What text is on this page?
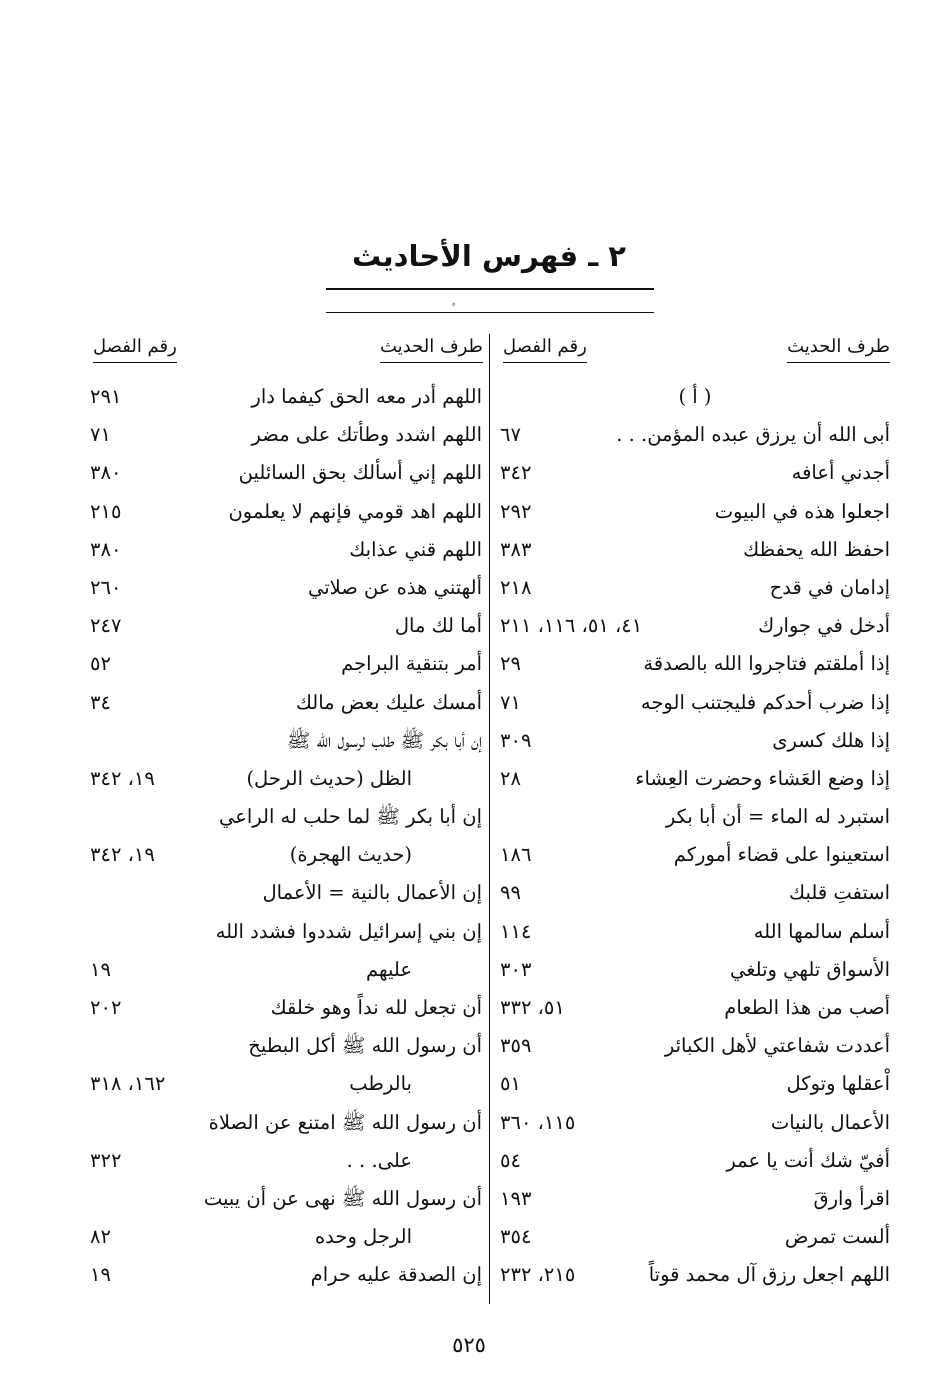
٢ ـ فهرس الأحاديث
⸗
طرف الحديث
رقم الفصل
طرف الحديث
رقم الفصل
( أ )
أبى الله أن يرزق عبده المؤمن. . .
٦٧
أجدني أعافه
٣٤٢
اجعلوا هذه في البيوت
٢٩٢
احفظ الله يحفظك
٣٨٣
إدامان في قدح
٢١٨
أدخل في جوارك
٤١، ٥١، ١١٦، ٢١١
إذا أملقتم فتاجروا الله بالصدقة
٢٩
إذا ضرب أحدكم فليجتنب الوجه
٧١
إذا هلك كسرى
٣٠٩
إذا وضع العَشاء وحضرت العِشاء
٢٨
استبرد له الماء = أن أبا بكر
استعينوا على قضاء أموركم
١٨٦
استفتِ قلبك
٩٩
أسلم سالمها الله
١١٤
الأسواق تلهي وتلغي
٣٠٣
أصب من هذا الطعام
٥١، ٣٣٢
أعددت شفاعتي لأهل الكبائر
٣٥٩
اْعقلها وتوكل
٥١
الأعمال بالنيات
١١٥، ٣٦٠
أفيّ شك أنت يا عمر
٥٤
اقرأ وارقَ
١٩٣
ألست تمرض
٣٥٤
اللهم اجعل رزق آل محمد قوتاً
٢١٥، ٢٣٢
اللهم أدر معه الحق كيفما دار
٢٩١
اللهم اشدد وطأتك على مضر
٧١
اللهم إني أسألك بحق السائلين
٣٨٠
اللهم اهد قومي فإنهم لا يعلمون
٢١٥
اللهم قني عذابك
٣٨٠
ألهتني هذه عن صلاتي
٢٦٠
أما لك مال
٢٤٧
أمر بتنقية البراجم
٥٢
أمسك عليك بعض مالك
٣٤
إن أبا بكر ﷺ طلب لرسول الله ﷺ
الظل (حديث الرحل)
١٩، ٣٤٢
إن أبا بكر ﷺ لما حلب له الراعي
(حديث الهجرة)
١٩، ٣٤٢
إن الأعمال بالنية = الأعمال
إن بني إسرائيل شددوا فشدد الله
عليهم
١٩
أن تجعل لله نداً وهو خلقك
٢٠٢
أن رسول الله ﷺ أكل البطيخ
بالرطب
١٦٢، ٣١٨
أن رسول الله ﷺ امتنع عن الصلاة
على. . .
٣٢٢
أن رسول الله ﷺ نهى عن أن يبيت
الرجل وحده
٨٢
إن الصدقة عليه حرام
١٩
٥٢٥
